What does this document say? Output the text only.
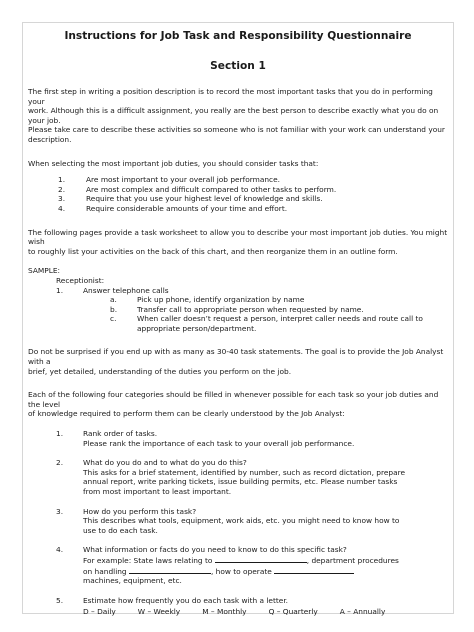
Instructions for Job Task and Responsibility Questionnaire
Section 1

The first step in writing a position description is to record the most important tasks that you do in performing your

work. Although this is a difficult assignment, you really are the best person to describe exactly what you do on your job.

Please take care to describe these activities so someone who is not familiar with your work can understand your

description.

When selecting the most important job duties, you should consider tasks that:
1.	Are most important to your overall job performance.
2.	Are most complex and difficult compared to other tasks to perform.
3.	Require that you use your highest level of knowledge and skills.
4.	Require considerable amounts of your time and effort.

The following pages provide a task worksheet to allow you to describe your most important job duties. You might wish

to roughly list your activities on the back of this chart, and then reorganize them in an outline form.

SAMPLE:
Receptionist:
1.	Answer telephone calls
a.	Pick up phone, identify organization by name
b.	Transfer call to appropriate person when requested by name.
c.	When caller doesn’t request a person, interpret caller needs and route call to
appropriate person/department.

Do not be surprised if you end up with as many as 30-40 task statements. The goal is to provide the Job Analyst with a

brief, yet detailed, understanding of the duties you perform on the job.

Each of the following four categories should be filled in whenever possible for each task so your job duties and the level

of knowledge required to perform them can be clearly understood by the Job Analyst:

1.	Rank order of tasks.

Please rank the importance of each task to your overall job performance.

2.	What do you do and to what do you do this?

This asks for a brief statement, identified by number, such as record dictation, prepare

annual report, write parking tickets, issue building permits, etc. Please number tasks

from most important to least important.

3.	How do you perform this task?

This describes what tools, equipment, work aids, etc. you might need to know how to

use to do each task.

4.	What information or facts do you need to know to do this specific task?

For example: State laws relating to	, department procedures

on handling	, how to operate

machines, equipment, etc.

5.	Estimate how frequently you do each task with a letter.

D – Daily	W – Weekly	M – Monthly	Q – Quarterly	A – Annually
